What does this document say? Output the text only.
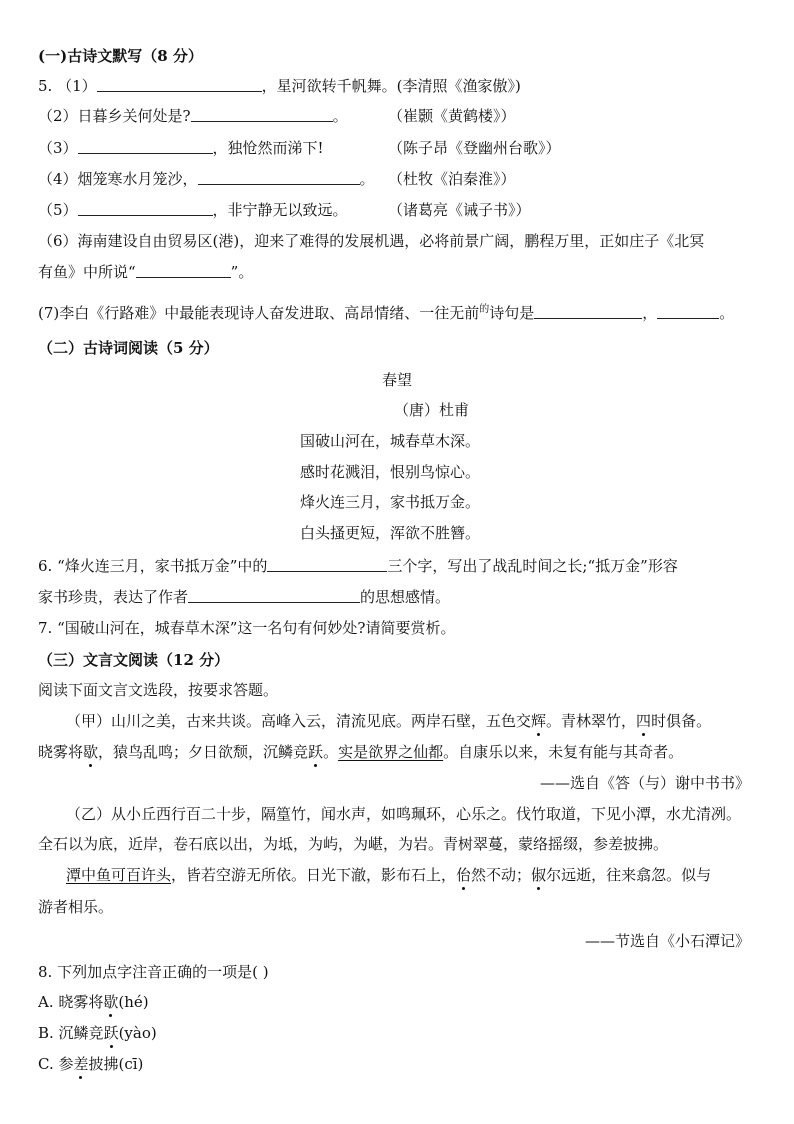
(一)古诗文默写（8 分）
5. （1）	，星河欲转千帆舞。(李清照《渔家傲》)
（2）日暮乡关何处是?	。	（崔颢《黄鹤楼》）
（3）	，独怆然而涕下!	（陈子昂《登幽州台歌》）
（4）烟笼寒水月笼沙，	。 （杜牧《泊秦淮》）
（5）	，非宁静无以致远。	（诸葛亮《诫子书》）
（6）海南建设自由贸易区(港)，迎来了难得的发展机遇，必将前景广阔，鹏程万里，正如庄子《北冥
有鱼》中所说“	”。
(7)李白《行路难》中最能表现诗人奋发进取、高昂情绪、一往无前$^的$诗句是	，	。
（二）古诗词阅读（5 分）
春望
（唐）杜甫
国破山河在，城春草木深。
感时花溅泪，恨别鸟惊心。
烽火连三月，家书抵万金。
白头搔更短，浑欲不胜簪。
6. “烽火连三月，家书抵万金”中的	三个字，写出了战乱时间之长;“抵万金”形容
家书珍贵，表达了作者	的思想感情。
7. “国破山河在，城春草木深”这一名句有何妙处?请简要赏析。
（三）文言文阅读（12 分）
阅读下面文言文选段，按要求答题。
（甲）山川之美，古来共谈。高峰入云，清流见底。两岸石壁，五色交辉。青林翠竹，四时俱备。
晓雾将歇，猿鸟乱鸣；夕日欲颓，沉鳞竞跃。实是欲界之仙都。自康乐以来，未复有能与其奇者。
——选自《答（与）谢中书书》
（乙）从小丘西行百二十步，隔篁竹，闻水声，如鸣珮环，心乐之。伐竹取道，下见小潭，水尤清冽。
全石以为底，近岸，卷石底以出，为坻，为屿，为嵁，为岩。青树翠蔓，蒙络摇缀，参差披拂。
潭中鱼可百许头，皆若空游无所依。日光下澈，影布石上，佁然不动；俶尔远逝，往来翕忽。似与
游者相乐。
——节选自《小石潭记》
8. 下列加点字注音正确的一项是( )
A. 晓雾将歇(hé)
B. 沉鳞竞跃(yào)
C. 参差披拂(cī)
